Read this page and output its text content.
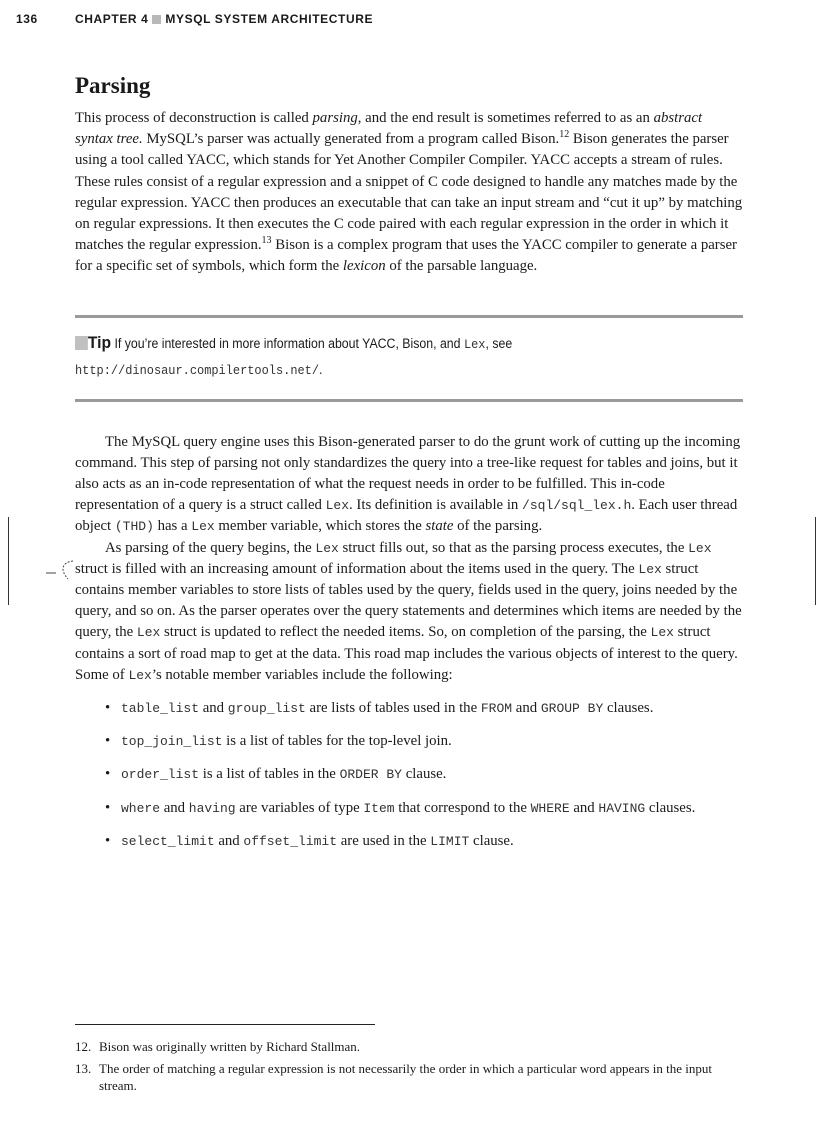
136	CHAPTER 4 MYSQL SYSTEM ARCHITECTURE
Parsing

This process of deconstruction is called parsing, and the end result is sometimes referred to as an abstract syntax tree. MySQL’s parser was actually generated from a program called Bison.$^{12}$ Bison generates the parser using a tool called YACC, which stands for Yet Another Compiler Compiler. YACC accepts a stream of rules. These rules consist of a regular expression and a snippet of C code designed to handle any matches made by the regular expression. YACC then produces an executable that can take an input stream and “cut it up” by matching on regular expressions. It then executes the C code paired with each regular expression in the order in which it matches the regular expression.$^{13}$ Bison is a complex program that uses the YACC compiler to generate a parser for a specific set of symbols, which form the lexicon of the parsable language.

Tip If you’re interested in more information about YACC, Bison, and Lex, see http://dinosaur.compilertools.net/.

The MySQL query engine uses this Bison-generated parser to do the grunt work of cutting up the incoming command. This step of parsing not only standardizes the query into a tree-like request for tables and joins, but it also acts as an in-code representation of what the request needs in order to be fulfilled. This in-code representation of a query is a struct called Lex. Its definition is available in /sql/sql_lex.h. Each user thread object (THD) has a Lex member variable, which stores the state of the parsing.

As parsing of the query begins, the Lex struct fills out, so that as the parsing process executes, the Lex struct is filled with an increasing amount of information about the items used in the query. The Lex struct contains member variables to store lists of tables used by the query, fields used in the query, joins needed by the query, and so on. As the parser operates over the query statements and determines which items are needed by the query, the Lex struct is updated to reflect the needed items. So, on completion of the parsing, the Lex struct contains a sort of road map to get at the data. This road map includes the various objects of interest to the query. Some of Lex’s notable member variables include the following:

• table_list and group_list are lists of tables used in the FROM and GROUP BY clauses.
• top_join_list is a list of tables for the top-level join.
• order_list is a list of tables in the ORDER BY clause.
• where and having are variables of type Item that correspond to the WHERE and HAVING clauses.
• select_limit and offset_limit are used in the LIMIT clause.
12. Bison was originally written by Richard Stallman.
13. The order of matching a regular expression is not necessarily the order in which a particular word appears in the input stream.
